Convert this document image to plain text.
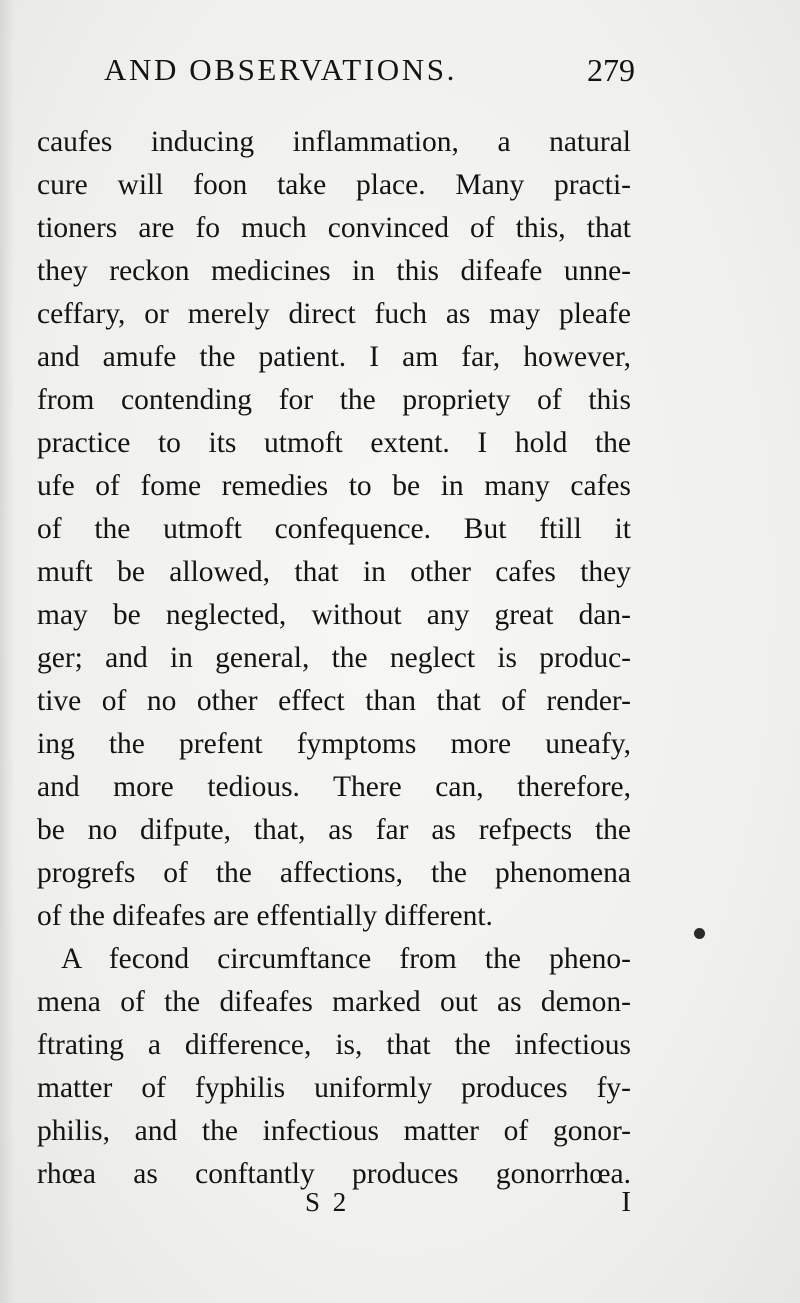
AND OBSERVATIONS.	279
caufes inducing inflammation, a natural
cure will foon take place. Many practi-
tioners are fo much convinced of this, that
they reckon medicines in this difeafe unne-
ceffary, or merely direct fuch as may pleafe
and amufe the patient. I am far, however,
from contending for the propriety of this
practice to its utmoft extent. I hold the
ufe of fome remedies to be in many cafes
of the utmoft confequence. But ftill it
muft be allowed, that in other cafes they
may be neglected, without any great dan-
ger; and in general, the neglect is produc-
tive of no other effect than that of render-
ing the prefent fymptoms more uneafy,
and more tedious. There can, therefore,
be no difpute, that, as far as refpects the
progrefs of the affections, the phenomena
of the difeafes are effentially different.
A fecond circumftance from the pheno-
mena of the difeafes marked out as demon-
ftrating a difference, is, that the infectious
matter of fyphilis uniformly produces fy-
philis, and the infectious matter of gonor-
rhœa as conftantly produces gonorrhœa.
S 2	I
